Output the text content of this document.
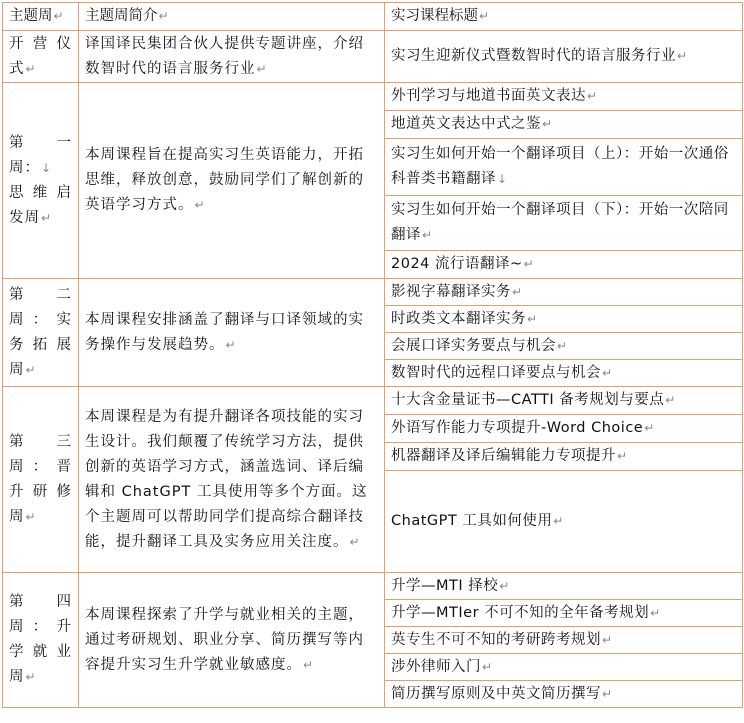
主题周↵	主题周简介↵	实习课程标题↵

开营仪
式↵	译国译民集团合伙人提供专题讲座，介绍数智时代的语言服务行业↵	实习生迎新仪式暨数智时代的语言服务行业↵

第　一
周：↓
思维启
发周↵	本周课程旨在提高实习生英语能力，开拓思维，释放创意，鼓励同学们了解创新的英语学习方式。↵	外刊学习与地道书面英文表达↵
		地道英文表达中式之鉴↵
		实习生如何开始一个翻译项目（上）：开始一次通俗科普类书籍翻译↓
		实习生如何开始一个翻译项目（下）：开始一次陪同翻译↵
		2024 流行语翻译~↵

第　二
周：实
务拓展
周↵	本周课程安排涵盖了翻译与口译领域的实务操作与发展趋势。↵	影视字幕翻译实务↵
		时政类文本翻译实务↵
		会展口译实务要点与机会↵
		数智时代的远程口译要点与机会↵

第　三
周：晋
升研修
周↵	本周课程是为有提升翻译各项技能的实习生设计。我们颠覆了传统学习方法，提供创新的英语学习方式，涵盖选词、译后编辑和 ChatGPT 工具使用等多个方面。这个主题周可以帮助同学们提高综合翻译技能，提升翻译工具及实务应用关注度。↵	十大含金量证书—CATTI 备考规划与要点↵
		外语写作能力专项提升-Word Choice↵
		机器翻译及译后编辑能力专项提升↵
		ChatGPT 工具如何使用↵

第　四
周：升
学就业
周↵	本周课程探索了升学与就业相关的主题，通过考研规划、职业分享、简历撰写等内容提升实习生升学就业敏感度。↵	升学—MTI 择校↵
		升学—MTIer 不可不知的全年备考规划↵
		英专生不可不知的考研跨考规划↵
		涉外律师入门↵
		简历撰写原则及中英文简历撰写↵
